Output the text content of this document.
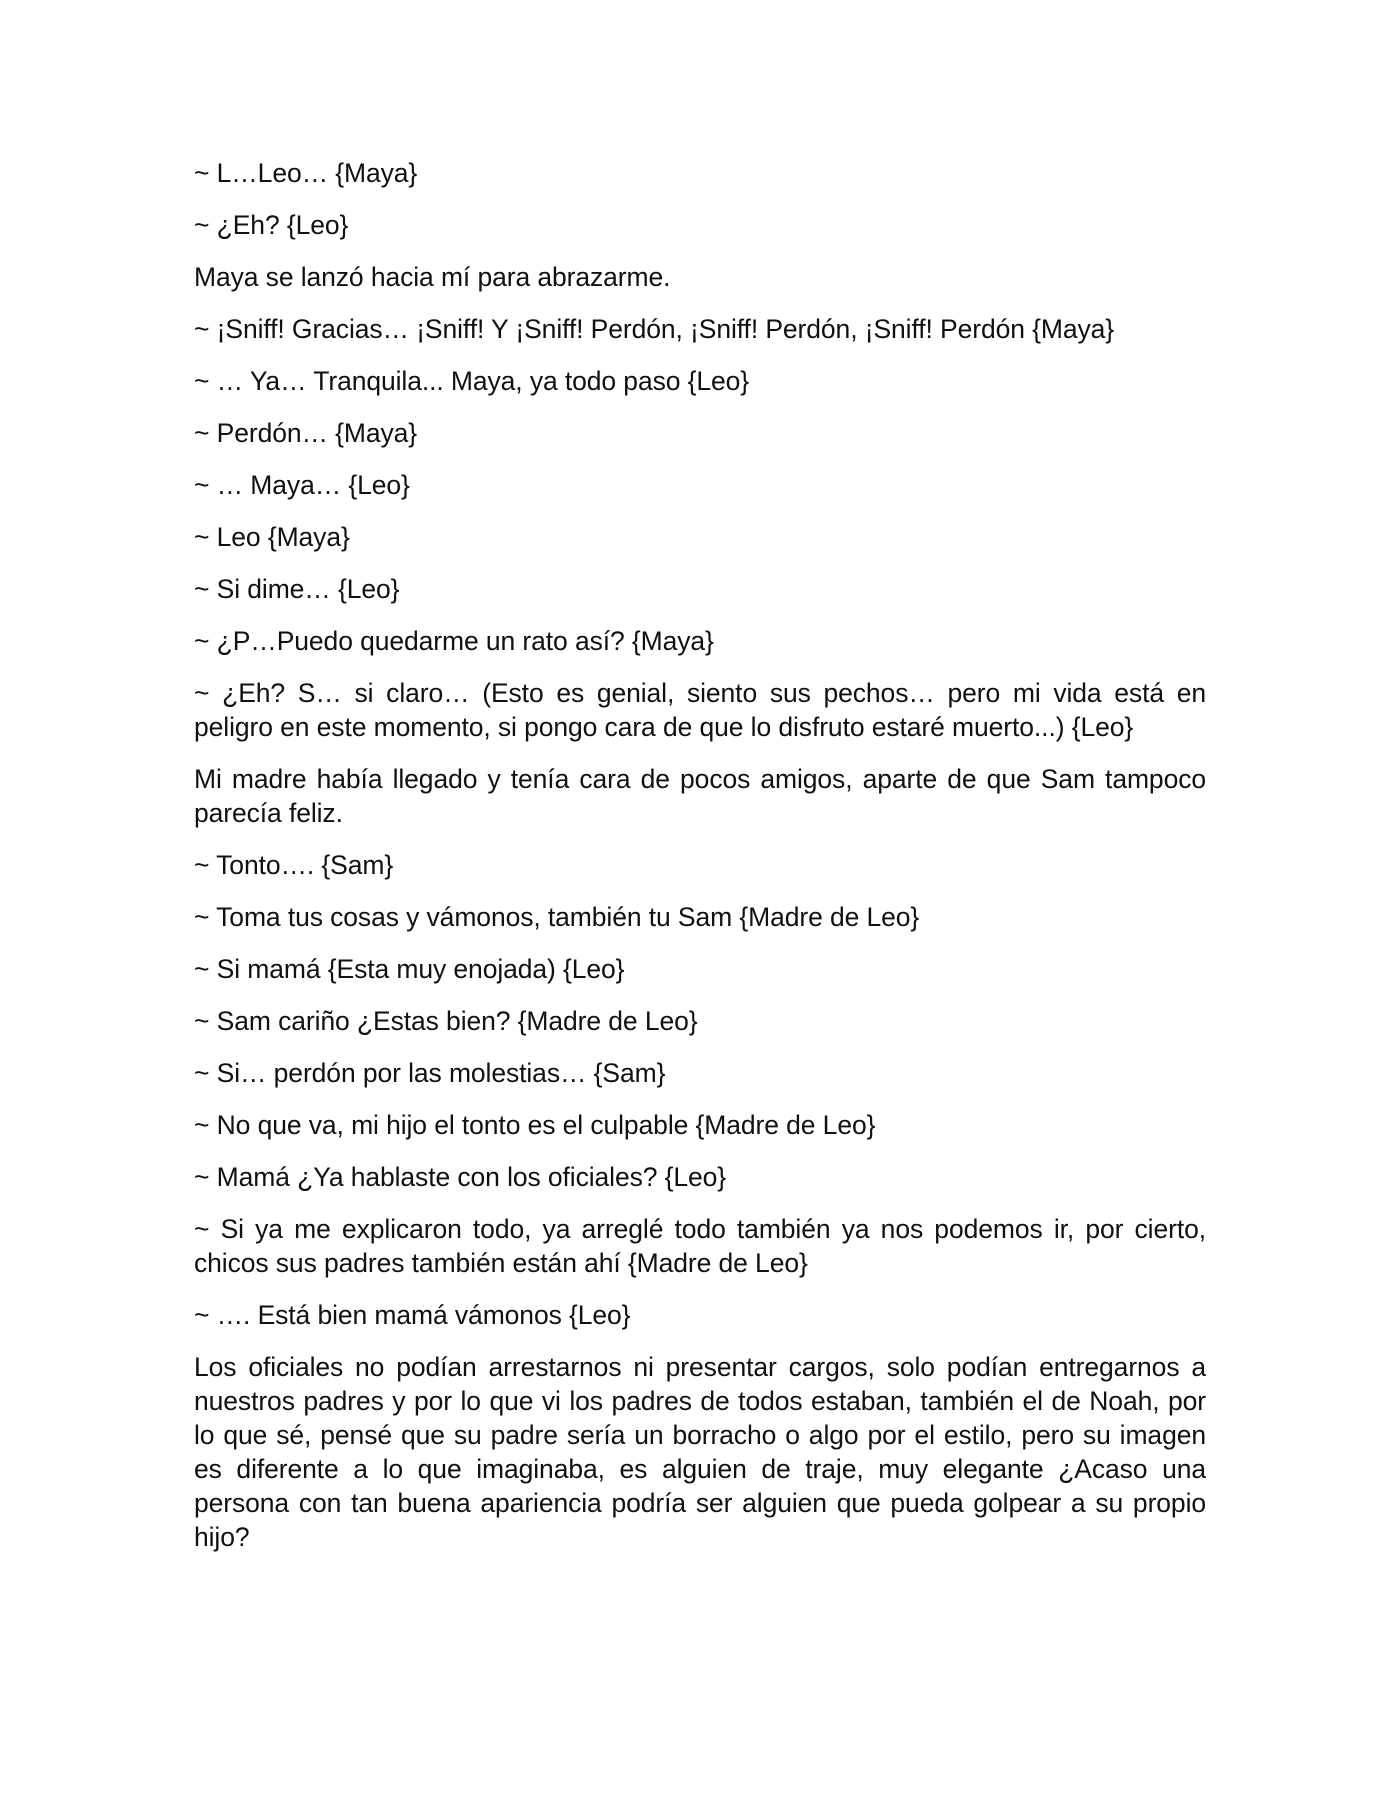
~ L…Leo… {Maya}

~ ¿Eh? {Leo}

Maya se lanzó hacia mí para abrazarme.

~ ¡Sniff! Gracias… ¡Sniff! Y ¡Sniff! Perdón, ¡Sniff! Perdón, ¡Sniff! Perdón {Maya}

~ … Ya… Tranquila... Maya, ya todo paso {Leo}

~ Perdón… {Maya}

~ … Maya… {Leo}

~ Leo {Maya}

~ Si dime… {Leo}

~ ¿P…Puedo quedarme un rato así? {Maya}

~ ¿Eh? S… si claro… (Esto es genial, siento sus pechos… pero mi vida está en peligro en este momento, si pongo cara de que lo disfruto estaré muerto...) {Leo}

Mi madre había llegado y tenía cara de pocos amigos, aparte de que Sam tampoco parecía feliz.

~ Tonto…. {Sam}

~ Toma tus cosas y vámonos, también tu Sam {Madre de Leo}

~ Si mamá {Esta muy enojada) {Leo}

~ Sam cariño ¿Estas bien? {Madre de Leo}

~ Si… perdón por las molestias… {Sam}

~ No que va, mi hijo el tonto es el culpable {Madre de Leo}

~ Mamá ¿Ya hablaste con los oficiales? {Leo}

~ Si ya me explicaron todo, ya arreglé todo también ya nos podemos ir, por cierto, chicos sus padres también están ahí {Madre de Leo}

~ …. Está bien mamá vámonos {Leo}

Los oficiales no podían arrestarnos ni presentar cargos, solo podían entregarnos a nuestros padres y por lo que vi los padres de todos estaban, también el de Noah, por lo que sé, pensé que su padre sería un borracho o algo por el estilo, pero su imagen es diferente a lo que imaginaba, es alguien de traje, muy elegante ¿Acaso una persona con tan buena apariencia podría ser alguien que pueda golpear a su propio hijo?
